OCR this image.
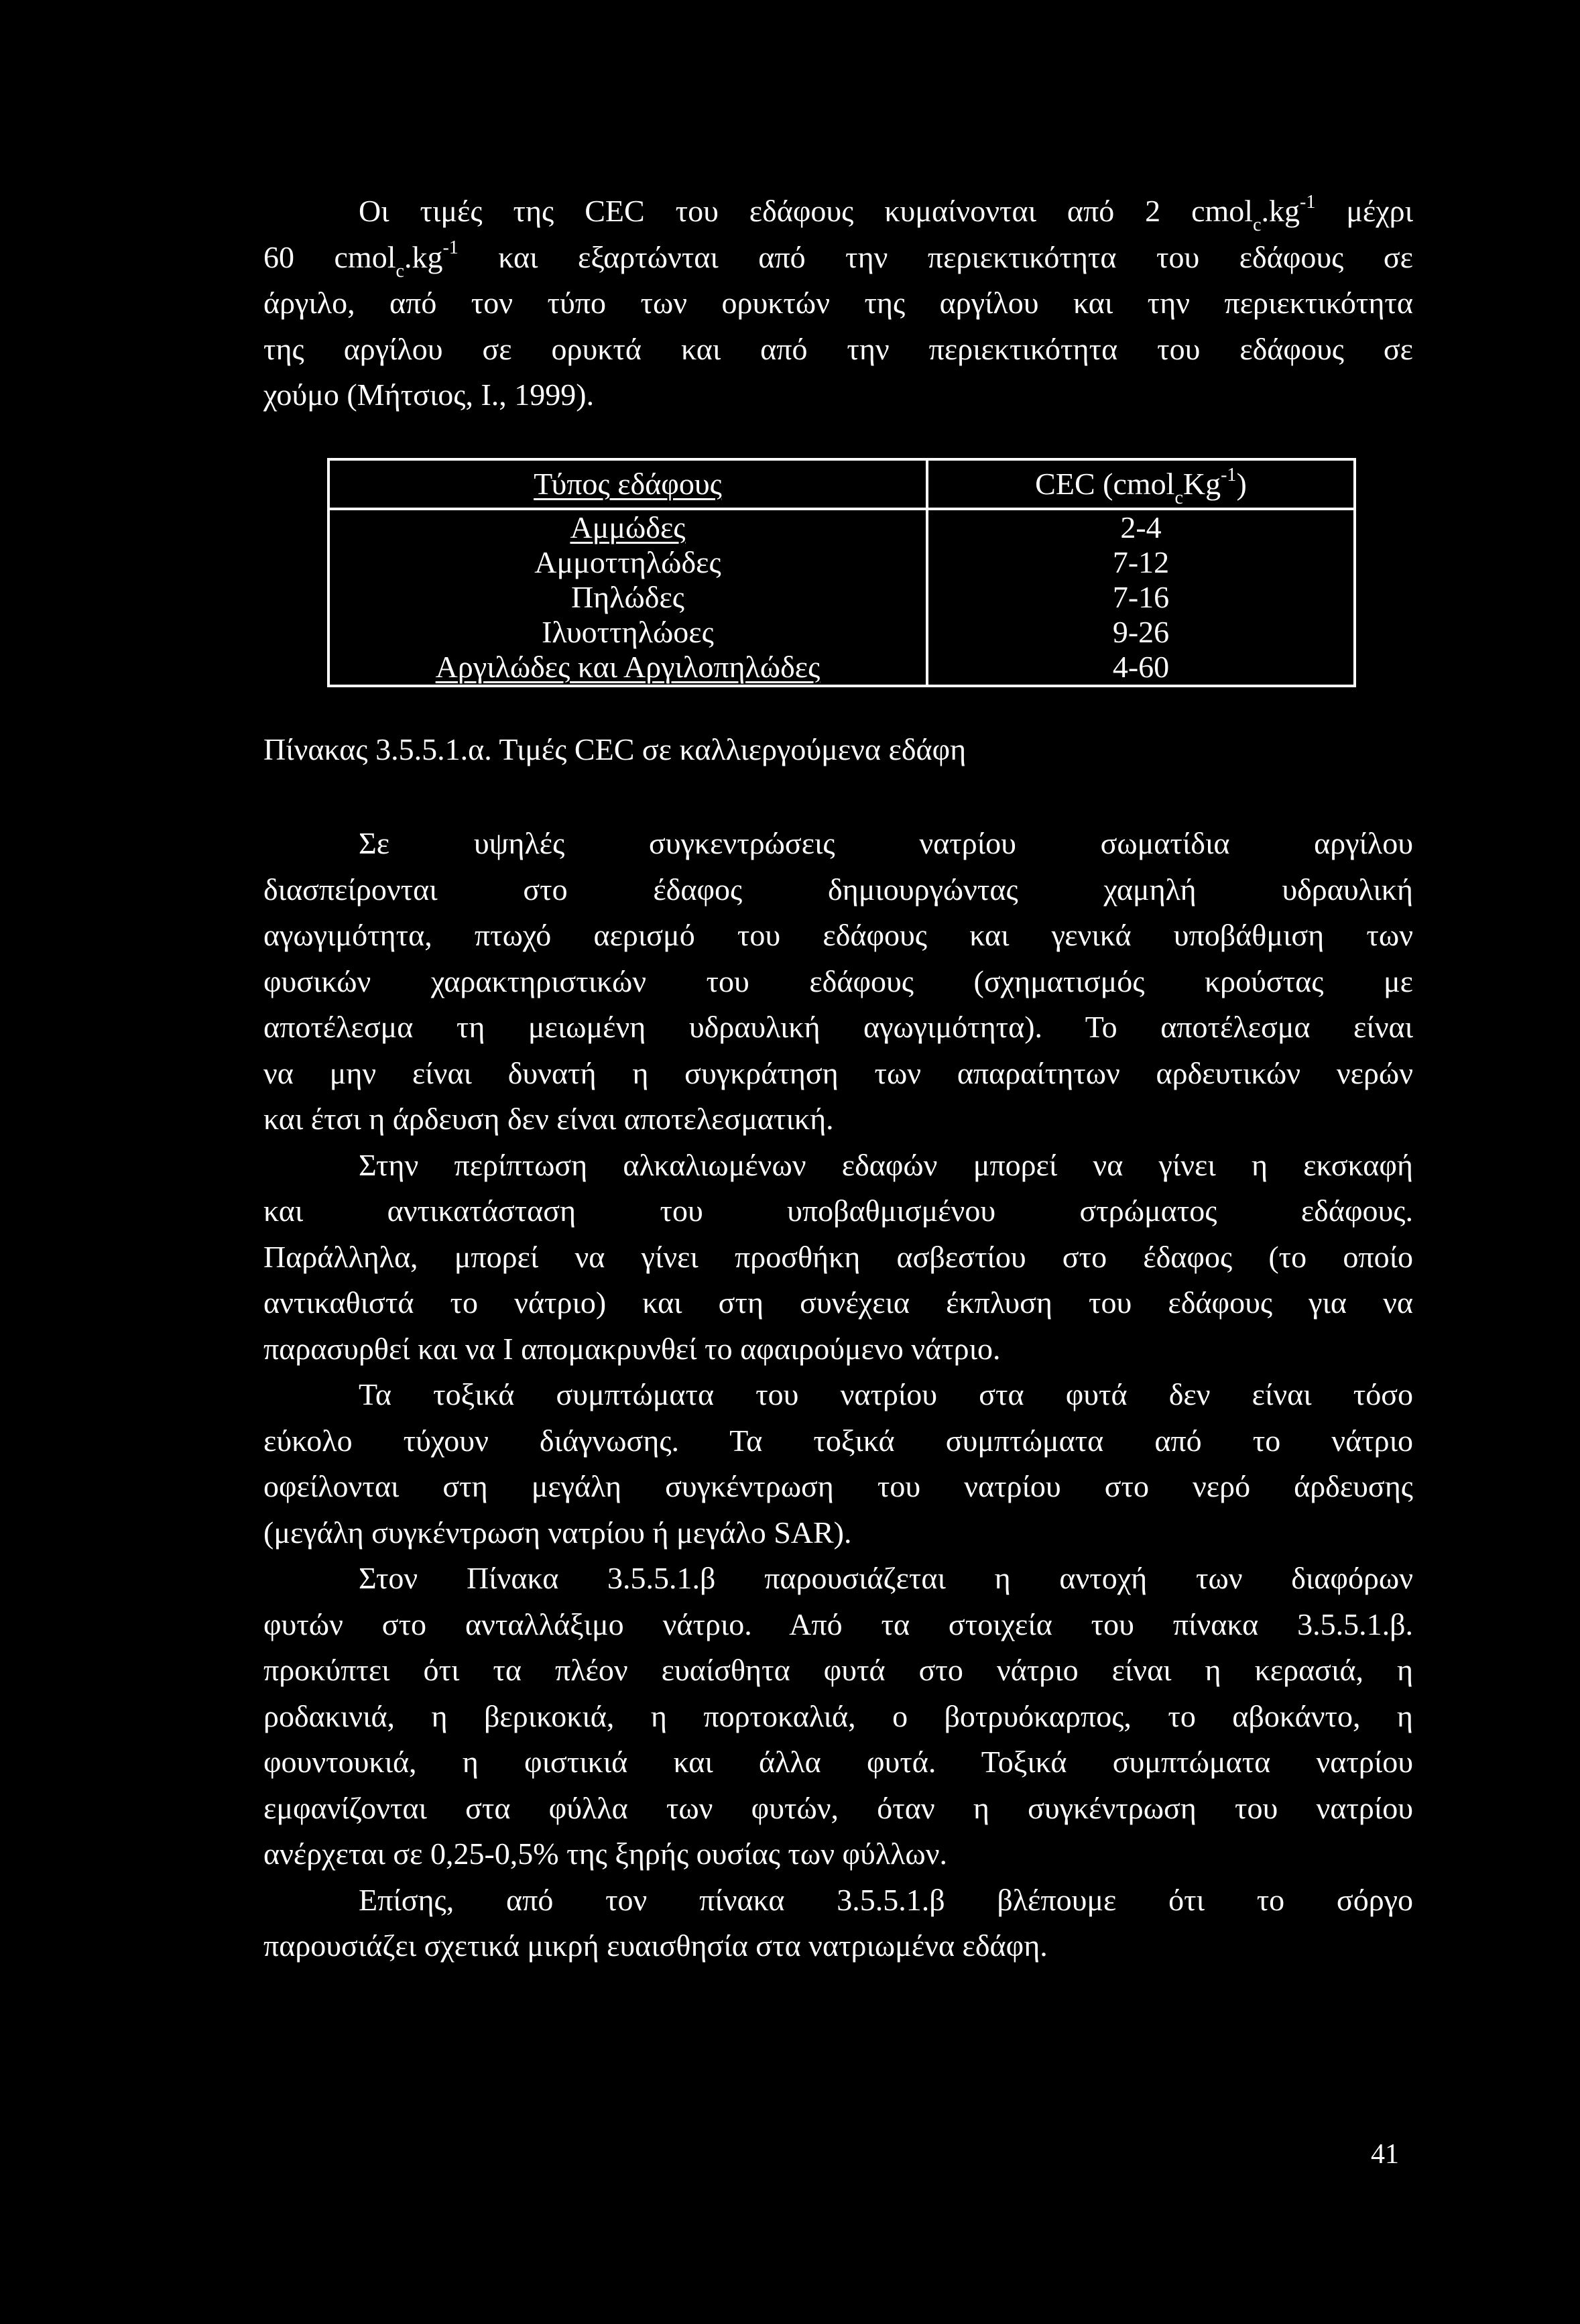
Οι τιμές της CEC του εδάφους κυμαίνονται από 2 $cmol_c.kg^{-1}$ μέχρι

60 $cmol_c.kg^{-1}$ και εξαρτώνται από την περιεκτικότητα του εδάφους σε

άργιλο, από τον τύπο των ορυκτών της αργίλου και την περιεκτικότητα

της αργίλου σε ορυκτά και από την περιεκτικότητα του εδάφους σε

χούμο (Μήτσιος, Ι., 1999).

Τύπος εδάφους	CEC $(cmol_cKg^{-1})$
Αμμώδες	2-4
Αμμοττηλώδες	7-12
Πηλώδες	7-16
Ιλυοττηλώοες	9-26
Αργιλώδες και Αργιλοπηλώδες	4-60
Πίνακας 3.5.5.1.α. Τιμές CEC σε καλλιεργούμενα εδάφη

Σε υψηλές συγκεντρώσεις νατρίου σωματίδια αργίλου

διασπείρονται στο έδαφος δημιουργώντας χαμηλή υδραυλική

αγωγιμότητα, πτωχό αερισμό του εδάφους και γενικά υποβάθμιση των

φυσικών χαρακτηριστικών του εδάφους (σχηματισμός κρούστας με

αποτέλεσμα τη μειωμένη υδραυλική αγωγιμότητα). Το αποτέλεσμα είναι

να μην είναι δυνατή η συγκράτηση των απαραίτητων αρδευτικών νερών

και έτσι η άρδευση δεν είναι αποτελεσματική.

Στην περίπτωση αλκαλιωμένων εδαφών μπορεί να γίνει η εκσκαφή

και αντικατάσταση του υποβαθμισμένου στρώματος εδάφους.

Παράλληλα, μπορεί να γίνει προσθήκη ασβεστίου στο έδαφος (το οποίο

αντικαθιστά το νάτριο) και στη συνέχεια έκπλυση του εδάφους για να

παρασυρθεί και να Ι απομακρυνθεί το αφαιρούμενο νάτριο.

Τα τοξικά συμπτώματα του νατρίου στα φυτά δεν είναι τόσο

εύκολο τύχουν διάγνωσης. Τα τοξικά συμπτώματα από το νάτριο

οφείλονται στη μεγάλη συγκέντρωση του νατρίου στο νερό άρδευσης

(μεγάλη συγκέντρωση νατρίου ή μεγάλο SAR).

Στον Πίνακα 3.5.5.1.β παρουσιάζεται η αντοχή των διαφόρων

φυτών στο ανταλλάξιμο νάτριο. Από τα στοιχεία του πίνακα 3.5.5.1.β.

προκύπτει ότι τα πλέον ευαίσθητα φυτά στο νάτριο είναι η κερασιά, η

ροδακινιά, η βερικοκιά, η πορτοκαλιά, ο βοτρυόκαρπος, το αβοκάντο, η

φουντουκιά, η φιστικιά και άλλα φυτά. Τοξικά συμπτώματα νατρίου

εμφανίζονται στα φύλλα των φυτών, όταν η συγκέντρωση του νατρίου

ανέρχεται σε 0,25-0,5% της ξηρής ουσίας των φύλλων.

Επίσης, από τον πίνακα 3.5.5.1.β βλέπουμε ότι το σόργο

παρουσιάζει σχετικά μικρή ευαισθησία στα νατριωμένα εδάφη.

41
